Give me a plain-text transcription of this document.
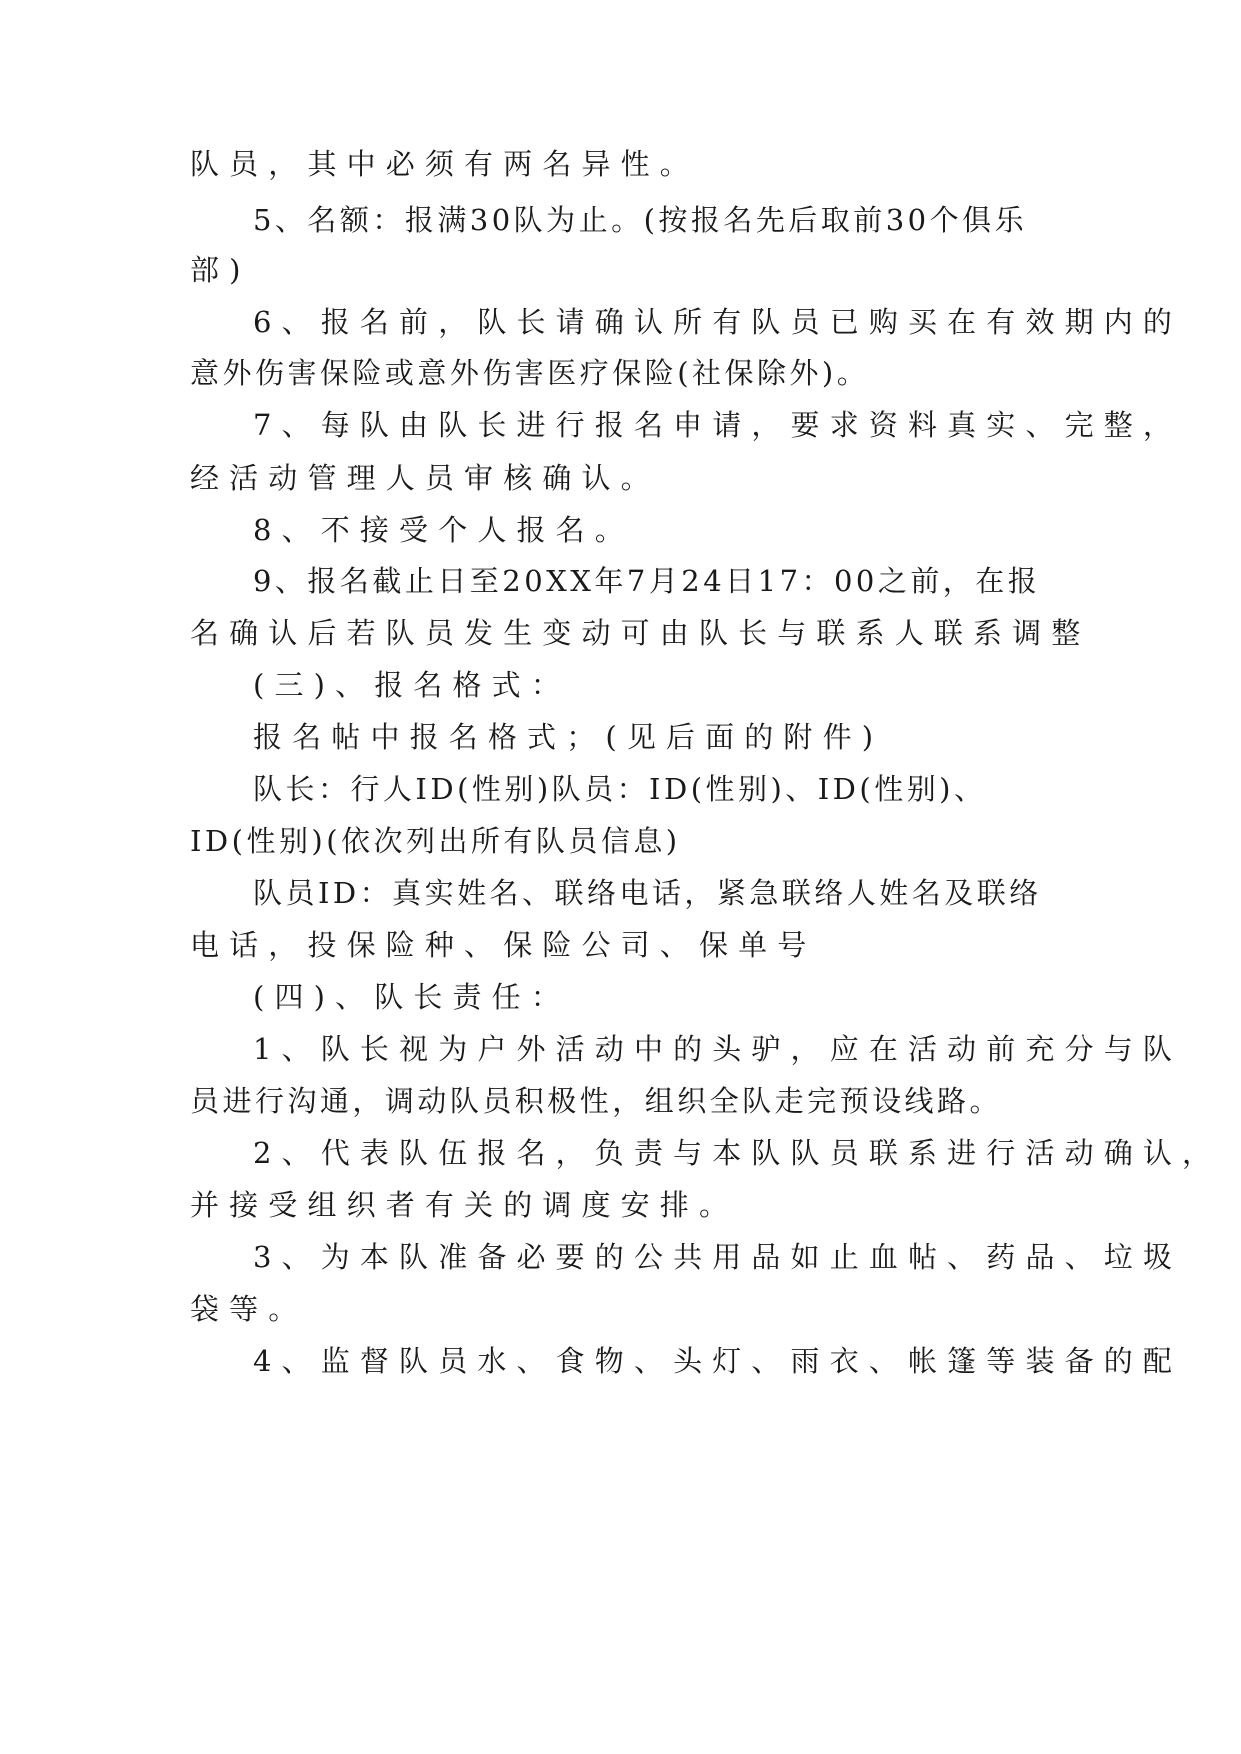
队员，其中必须有两名异性。
5、名额：报满30队为止。(按报名先后取前30个俱乐
部)
6、报名前，队长请确认所有队员已购买在有效期内的
意外伤害保险或意外伤害医疗保险(社保除外)。
7、每队由队长进行报名申请，要求资料真实、完整，
经活动管理人员审核确认。
8、不接受个人报名。
9、报名截止日至20XX年7月24日17：00之前，在报
名确认后若队员发生变动可由队长与联系人联系调整
(三)、报名格式：
报名帖中报名格式；(见后面的附件)
队长：行人ID(性别)队员：ID(性别)、ID(性别)、
ID(性别)(依次列出所有队员信息)
队员ID：真实姓名、联络电话，紧急联络人姓名及联络
电话，投保险种、保险公司、保单号
(四)、队长责任：
1、队长视为户外活动中的头驴，应在活动前充分与队
员进行沟通，调动队员积极性，组织全队走完预设线路。
2、代表队伍报名，负责与本队队员联系进行活动确认，
并接受组织者有关的调度安排。
3、为本队准备必要的公共用品如止血帖、药品、垃圾
袋等。
4、监督队员水、食物、头灯、雨衣、帐篷等装备的配
